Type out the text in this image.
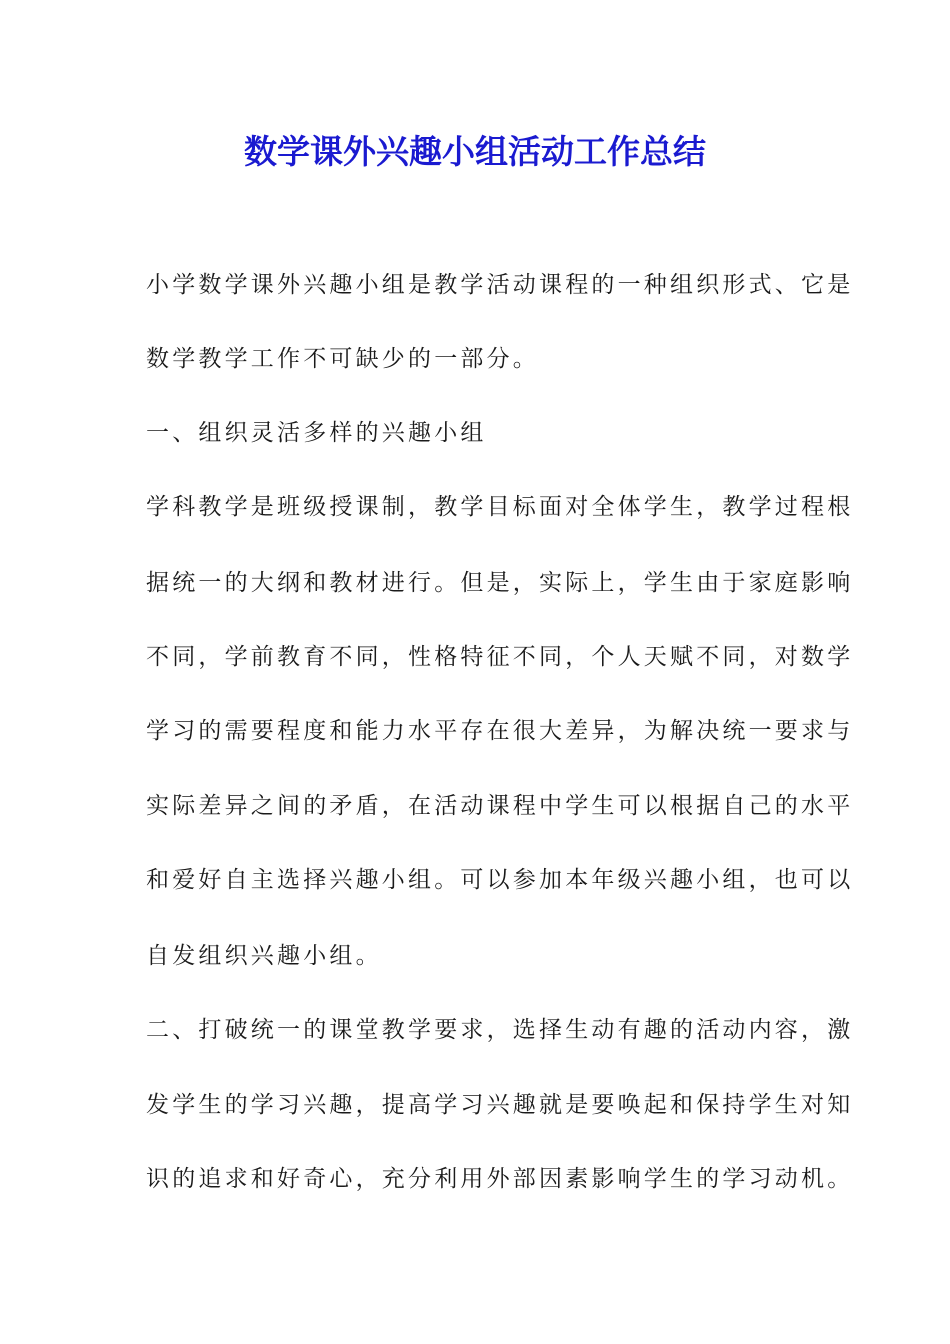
数学课外兴趣小组活动工作总结

小学数学课外兴趣小组是教学活动课程的一种组织形式、它是

数学教学工作不可缺少的一部分。

一、组织灵活多样的兴趣小组

学科教学是班级授课制，教学目标面对全体学生，教学过程根

据统一的大纲和教材进行。但是，实际上，学生由于家庭影响

不同，学前教育不同，性格特征不同，个人天赋不同，对数学

学习的需要程度和能力水平存在很大差异，为解决统一要求与

实际差异之间的矛盾，在活动课程中学生可以根据自己的水平

和爱好自主选择兴趣小组。可以参加本年级兴趣小组，也可以

自发组织兴趣小组。

二、打破统一的课堂教学要求，选择生动有趣的活动内容，激

发学生的学习兴趣，提高学习兴趣就是要唤起和保持学生对知

识的追求和好奇心，充分利用外部因素影响学生的学习动机。
